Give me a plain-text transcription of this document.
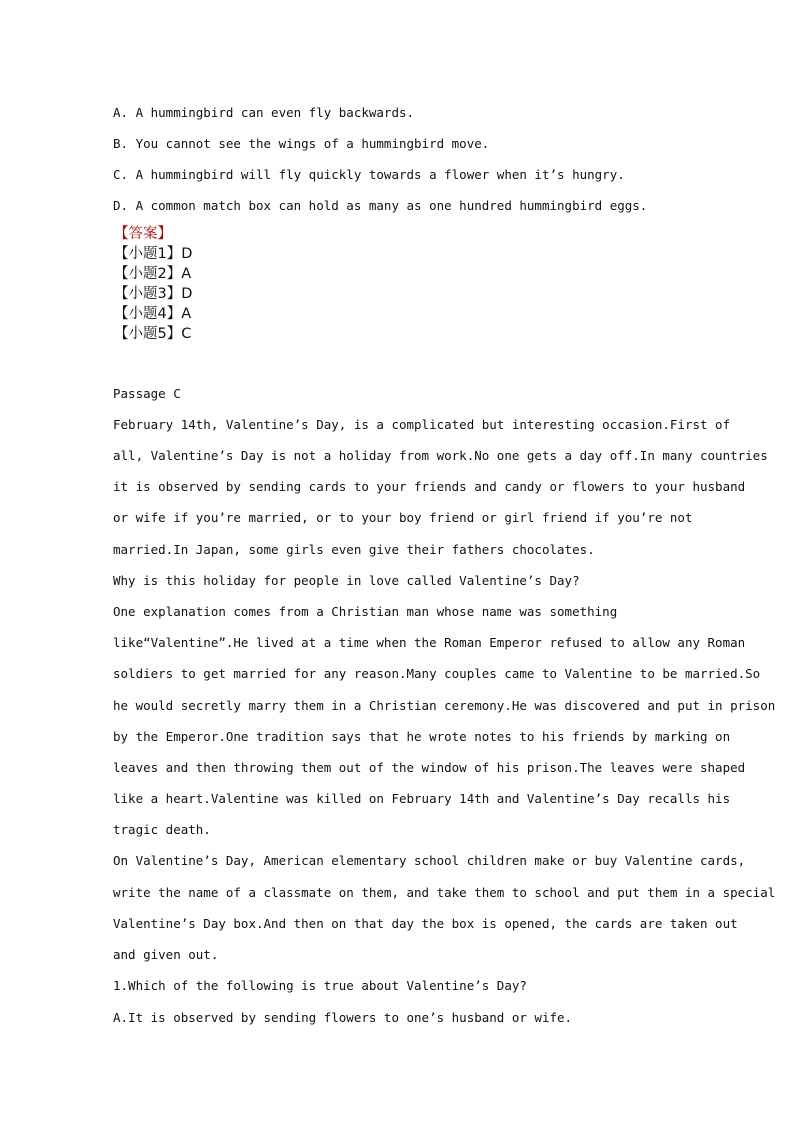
A. A hummingbird can even fly backwards.
B. You cannot see the wings of a hummingbird move.
C. A hummingbird will fly quickly towards a flower when it’s hungry.
D. A common match box can hold as many as one hundred hummingbird eggs.
【答案】
【小题1】D
【小题2】A
【小题3】D
【小题4】A
【小题5】C
Passage C
February 14th, Valentine’s Day, is a complicated but interesting occasion.First of
all, Valentine’s Day is not a holiday from work.No one gets a day off.In many countries
it is observed by sending cards to your friends and candy or flowers to your husband
or wife if you’re married, or to your boy friend or girl friend if you’re not
married.In Japan, some girls even give their fathers chocolates.
Why is this holiday for people in love called Valentine’s Day?
One explanation comes from a Christian man whose name was something
like“Valentine”.He lived at a time when the Roman Emperor refused to allow any Roman
soldiers to get married for any reason.Many couples came to Valentine to be married.So
he would secretly marry them in a Christian ceremony.He was discovered and put in prison
by the Emperor.One tradition says that he wrote notes to his friends by marking on
leaves and then throwing them out of the window of his prison.The leaves were shaped
like a heart.Valentine was killed on February 14th and Valentine’s Day recalls his
tragic death.
On Valentine’s Day, American elementary school children make or buy Valentine cards,
write the name of a classmate on them, and take them to school and put them in a special
Valentine’s Day box.And then on that day the box is opened, the cards are taken out
and given out.
1.Which of the following is true about Valentine’s Day?
A.It is observed by sending flowers to one’s husband or wife.
